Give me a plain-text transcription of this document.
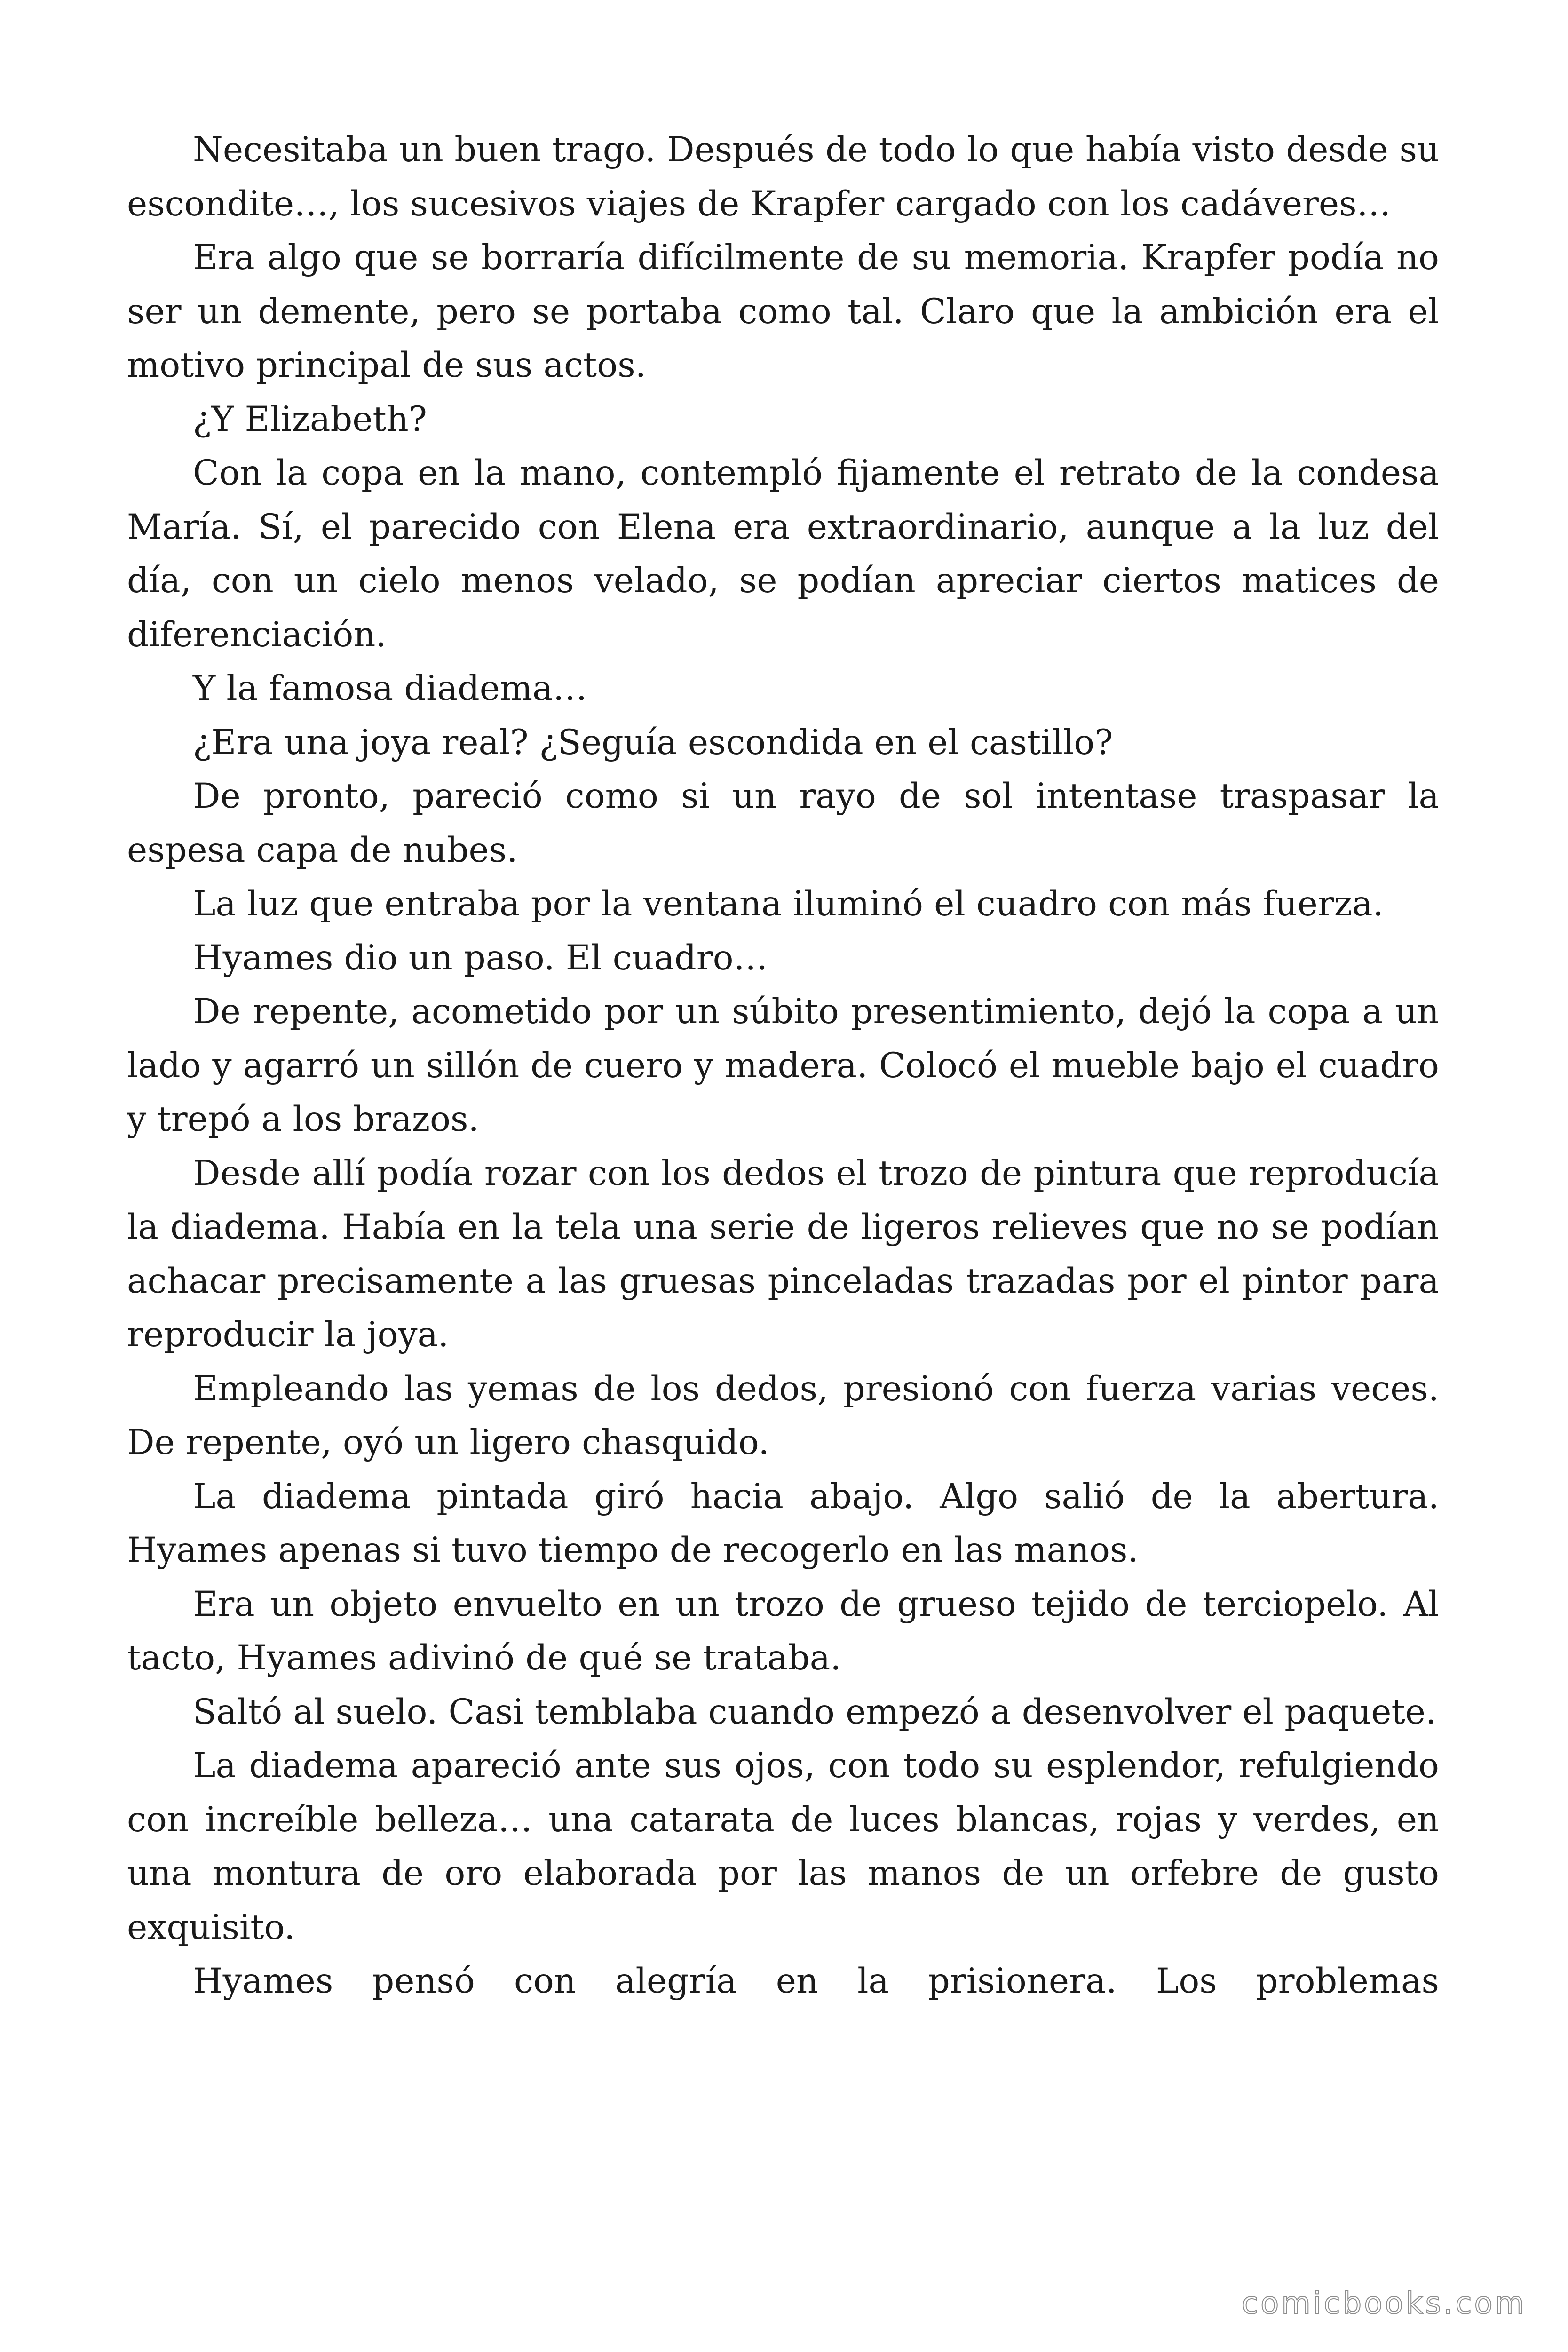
Necesitaba un buen trago. Después de todo lo que había visto desde su escondite…, los sucesivos viajes de Krapfer cargado con los cadáveres…

Era algo que se borraría difícilmente de su memoria. Krapfer podía no ser un demente, pero se portaba como tal. Claro que la ambición era el motivo principal de sus actos.

¿Y Elizabeth?

Con la copa en la mano, contempló fijamente el retrato de la condesa María. Sí, el parecido con Elena era extraordinario, aunque a la luz del día, con un cielo menos velado, se podían apreciar ciertos matices de diferenciación.

Y la famosa diadema…

¿Era una joya real? ¿Seguía escondida en el castillo?

De pronto, pareció como si un rayo de sol intentase traspasar la espesa capa de nubes.

La luz que entraba por la ventana iluminó el cuadro con más fuerza.

Hyames dio un paso. El cuadro…

De repente, acometido por un súbito presentimiento, dejó la copa a un lado y agarró un sillón de cuero y madera. Colocó el mueble bajo el cuadro y trepó a los brazos.

Desde allí podía rozar con los dedos el trozo de pintura que reproducía la diadema. Había en la tela una serie de ligeros relieves que no se podían achacar precisamente a las gruesas pinceladas trazadas por el pintor para reproducir la joya.

Empleando las yemas de los dedos, presionó con fuerza varias veces. De repente, oyó un ligero chasquido.

La diadema pintada giró hacia abajo. Algo salió de la abertura. Hyames apenas si tuvo tiempo de recogerlo en las manos.

Era un objeto envuelto en un trozo de grueso tejido de terciopelo. Al tacto, Hyames adivinó de qué se trataba.

Saltó al suelo. Casi temblaba cuando empezó a desenvolver el paquete.

La diadema apareció ante sus ojos, con todo su esplendor, refulgiendo con increíble belleza… una catarata de luces blancas, rojas y verdes, en una montura de oro elaborada por las manos de un orfebre de gusto exquisito.

Hyames pensó con alegría en la prisionera. Los problemas

comicbooks.com
